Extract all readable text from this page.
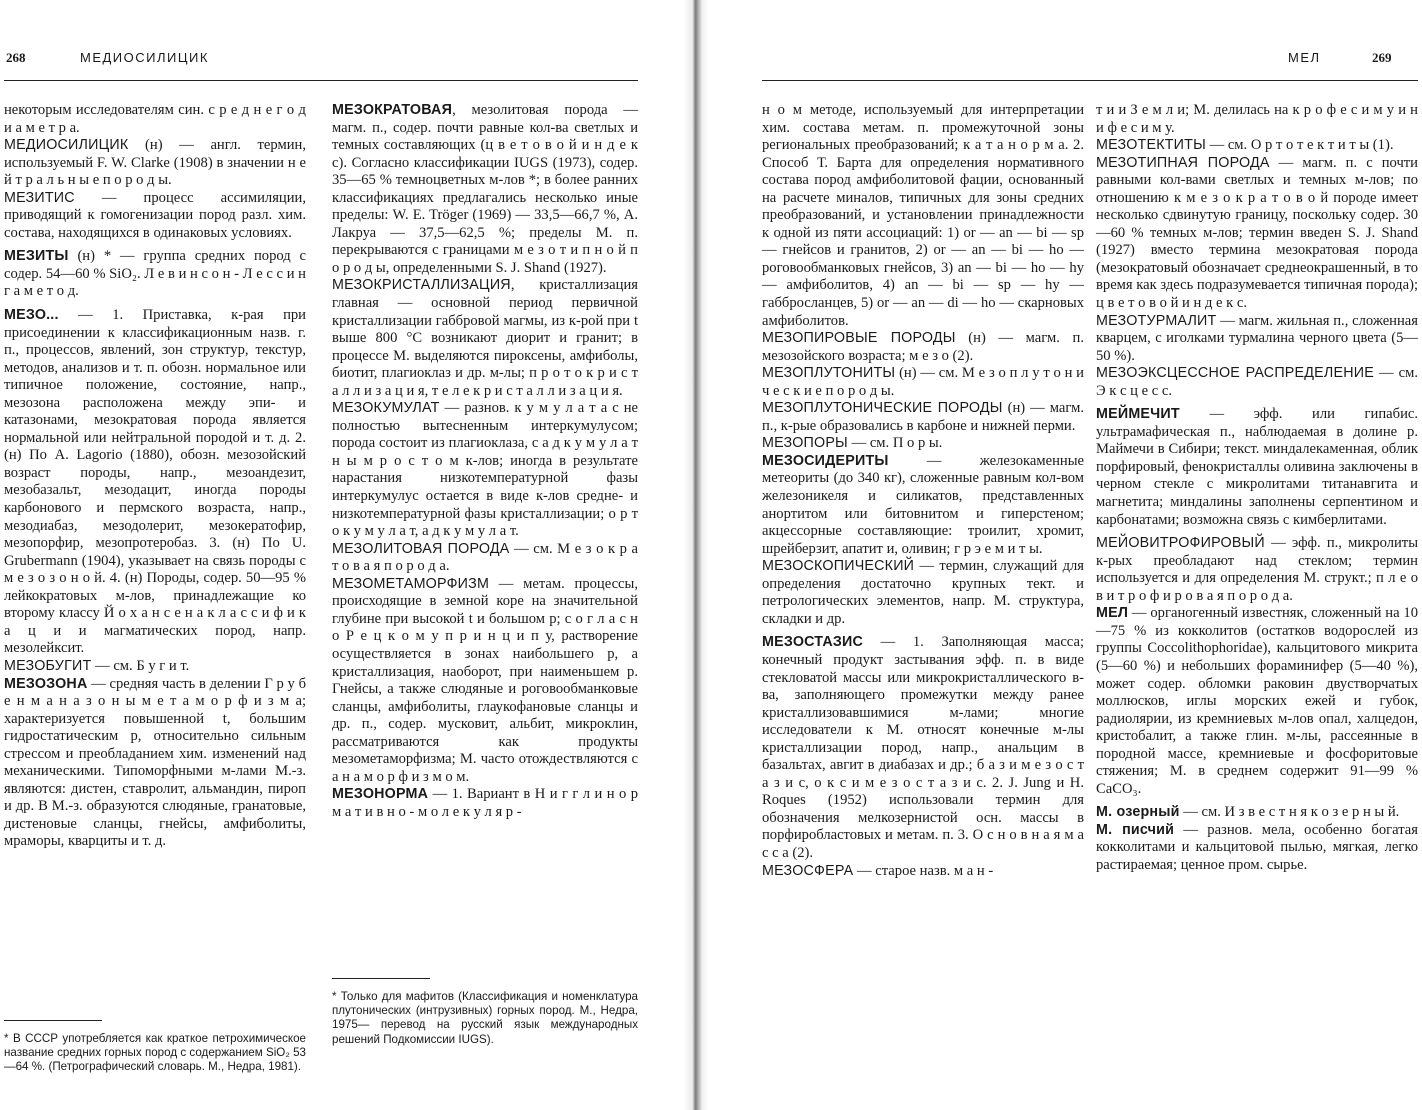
268	МЕДИОСИЛИЦИК

некоторым исследователям син. с р е д н е г о д и а м е т р а.

МЕДИОСИЛИЦИК (н) — англ. термин, используемый F. W. Clarke (1908) в значении н е й т р а л ь н ы е п о р о д ы.

МЕЗИТИС — процесс ассимиляции, приводящий к гомогенизации пород разл. хим. состава, находящихся в одинаковых условиях.

МЕЗИТЫ (н) * — группа средних пород с содер. 54—60 % SiO₂. Л е в и н с о н - Л е с с и н г а м е т о д.

МЕЗО... — 1. Приставка, к-рая при присоединении к классификационным назв. г. п., процессов, явлений, зон структур, текстур, методов, анализов и т. п. обозн. нормальное или типичное положение, состояние, напр., мезозона расположена между эпи- и катазонами, мезократовая порода является нормальной или нейтральной породой и т. д. 2. (н) По A. Lagorio (1880), обозн. мезозойский возраст породы, напр., мезоандезит, мезобазальт, мезодацит, иногда породы карбонового и пермского возраста, напр., мезодиабаз, мезодолерит, мезокератофир, мезопорфир, мезопротеробаз. 3. (н) По U. Grubermann (1904), указывает на связь породы с м е з о з о н о й. 4. (н) Породы, содер. 50—95 % лейкократовых м-лов, принадлежащие ко второму классу Й о х а н с е н а к л а с с и ф и к а ц и и магматических пород, напр. мезолейксит.

МЕЗОБУГИТ — см. Б у г и т.

МЕЗОЗОНА — средняя часть в делении Г р у б е н м а н а з о н ы м е т а м о р ф и з м а; характеризуется повышенной t, большим гидростатическим p, относительно сильным стрессом и преобладанием хим. изменений над механическими. Типоморфными м-лами М.-з. являются: дистен, ставролит, альмандин, пироп и др. В М.-з. образуются слюдяные, гранатовые, дистеновые сланцы, гнейсы, амфиболиты, мраморы, кварциты и т. д.

* В СССР употребляется как краткое петрохимическое название средних горных пород с содержанием SiO₂ 53—64 %. (Петрографический словарь. М., Недра, 1981).

МЕЗОКРАТОВАЯ, мезолитовая порода — магм. п., содер. почти равные кол-ва светлых и темных составляющих (ц в е т о в о й и н д е к с). Согласно классификации IUGS (1973), содер. 35—65 % темноцветных м-лов *; в более ранних классификациях предлагались несколько иные пределы: W. E. Tröger (1969) — 33,5—66,7 %, А. Лакруа — 37,5—62,5 %; пределы М. п. перекрываются с границами м е з о т и п н о й п о р о д ы, определенными S. J. Shand (1927).

МЕЗОКРИСТАЛЛИЗАЦИЯ, кристаллизация главная — основной период первичной кристаллизации габбровой магмы, из к-рой при t выше 800 °С возникают диорит и гранит; в процессе М. выделяются пироксены, амфиболы, биотит, плагиоклаз и др. м-лы; п р о т о к р и с т а л л и з а ц и я, т е л е к р и с т а л л и з а ц и я.

МЕЗОКУМУЛАТ — разнов. к у м у л а т а с не полностью вытесненным интеркумулусом; порода состоит из плагиоклаза, с а д к у м у л а т н ы м р о с т о м к-лов; иногда в результате нарастания низкотемпературной фазы интеркумулус остается в виде к-лов средне- и низкотемпературной фазы кристаллизации; о р т о к у м у л а т, а д к у м у л а т.

МЕЗОЛИТОВАЯ ПОРОДА — см. М е з о к р а т о в а я п о р о д а.

МЕЗОМЕТАМОРФИЗМ — метам. процессы, происходящие в земной коре на значительной глубине при высокой t и большом p; с о г л а с н о Р е ц к о м у п р и н ц и п у, растворение осуществляется в зонах наибольшего p, а кристаллизация, наоборот, при наименьшем p. Гнейсы, а также слюдяные и роговообманковые сланцы, амфиболиты, глаукофановые сланцы и др. п., содер. мусковит, альбит, микроклин, рассматриваются как продукты мезометаморфизма; М. часто отождествляются с а н а м о р ф и з м о м.

МЕЗОНОРМА — 1. Вариант в Н и г г л и н о р м а т и в н о - м о л е к у л я р -

* Только для мафитов (Классификация и номенклатура плутонических (интрузивных) горных пород. М., Недра, 1975— перевод на русский язык международных решений Подкомиссии IUGS).
МЕЛ	269

н о м методе, используемый для интерпретации хим. состава метам. п. промежуточной зоны региональных преобразований; к а т а н о р м а. 2. Способ Т. Барта для определения нормативного состава пород амфиболитовой фации, основанный на расчете миналов, типичных для зоны средних преобразований, и установлении принадлежности к одной из пяти ассоциаций: 1) or — an — bi — sp — гнейсов и гранитов, 2) or — an — bi — ho — роговообманковых гнейсов, 3) an — bi — ho — hy — амфиболитов, 4) an — bi — sp — hy — габбросланцев, 5) or — an — di — ho — скарновых амфиболитов.

МЕЗОПИРОВЫЕ ПОРОДЫ (н) — магм. п. мезозойского возраста; м е з о (2).

МЕЗОПЛУТОНИТЫ (н) — см. М е з о п л у т о н и ч е с к и е п о р о д ы.

МЕЗОПЛУТОНИЧЕСКИЕ ПОРОДЫ (н) — магм. п., к-рые образовались в карбоне и нижней перми.

МЕЗОПОРЫ — см. П о р ы.

МЕЗОСИДЕРИТЫ — железокаменные метеориты (до 340 кг), сложенные равным кол-вом железоникеля и силикатов, представленных анортитом или битовнитом и гиперстеном; акцессорные составляющие: троилит, хромит, шрейберзит, апатит и, оливин; г р э е м и т ы.

МЕЗОСКОПИЧЕСКИЙ — термин, служащий для определения достаточно крупных тект. и петрологических элементов, напр. М. структура, складки и др.

МЕЗОСТАЗИС — 1. Заполняющая масса; конечный продукт застывания эфф. п. в виде стекловатой массы или микрокристаллического в-ва, заполняющего промежутки между ранее кристаллизовавшимися м-лами; многие исследователи к М. относят конечные м-лы кристаллизации пород, напр., анальцим в базальтах, авгит в диабазах и др.; б а з и м е з о с т а з и с, о к с и м е з о с т а з и с. 2. J. Jung и H. Roques (1952) использовали термин для обозначения мелкозернистой осн. массы в порфиробластовых и метам. п. 3. О с н о в н а я м а с с а (2).

МЕЗОСФЕРА — старое назв. м а н -

т и и З е м л и; М. делилась на к р о ф е с и м у и н и ф е с и м у.

МЕЗОТЕКТИТЫ — см. О р т о т е к т и т ы (1).

МЕЗОТИПНАЯ ПОРОДА — магм. п. с почти равными кол-вами светлых и темных м-лов; по отношению к м е з о к р а т о в о й породе имеет несколько сдвинутую границу, поскольку содер. 30—60 % темных м-лов; термин введен S. J. Shand (1927) вместо термина мезократовая порода (мезократовый обозначает среднеокрашенный, в то время как здесь подразумевается типичная порода); ц в е т о в о й и н д е к с.

МЕЗОТУРМАЛИТ — магм. жильная п., сложенная кварцем, с иголками турмалина черного цвета (5—50 %).

МЕЗОЭКСЦЕССНОЕ РАСПРЕДЕЛЕНИЕ — см. Э к с ц е с с.

МЕЙМЕЧИТ — эфф. или гипабис. ультрамафическая п., наблюдаемая в долине р. Маймечи в Сибири; текст. миндалекаменная, облик порфировый, фенокристаллы оливина заключены в черном стекле с микролитами титанавгита и магнетита; миндалины заполнены серпентином и карбонатами; возможна связь с кимберлитами.

МЕЙОВИТРОФИРОВЫЙ — эфф. п., микролиты к-рых преобладают над стеклом; термин используется и для определения М. структ.; п л е о в и т р о ф и р о в а я п о р о д а.

МЕЛ — органогенный известняк, сложенный на 10—75 % из кокколитов (остатков водорослей из группы Coccolithophoridae), кальцитового микрита (5—60 %) и небольших фораминифер (5—40 %), может содер. обломки раковин двустворчатых моллюсков, иглы морских ежей и губок, радиолярии, из кремниевых м-лов опал, халцедон, кристобалит, а также глин. м-лы, рассеянные в породной массе, кремниевые и фосфоритовые стяжения; М. в среднем содержит 91—99 % CaCO₃.

М. озерный — см. И з в е с т н я к о з е р н ы й.

М. писчий — разнов. мела, особенно богатая кокколитами и кальцитовой пылью, мягкая, легко растираемая; ценное пром. сырье.
